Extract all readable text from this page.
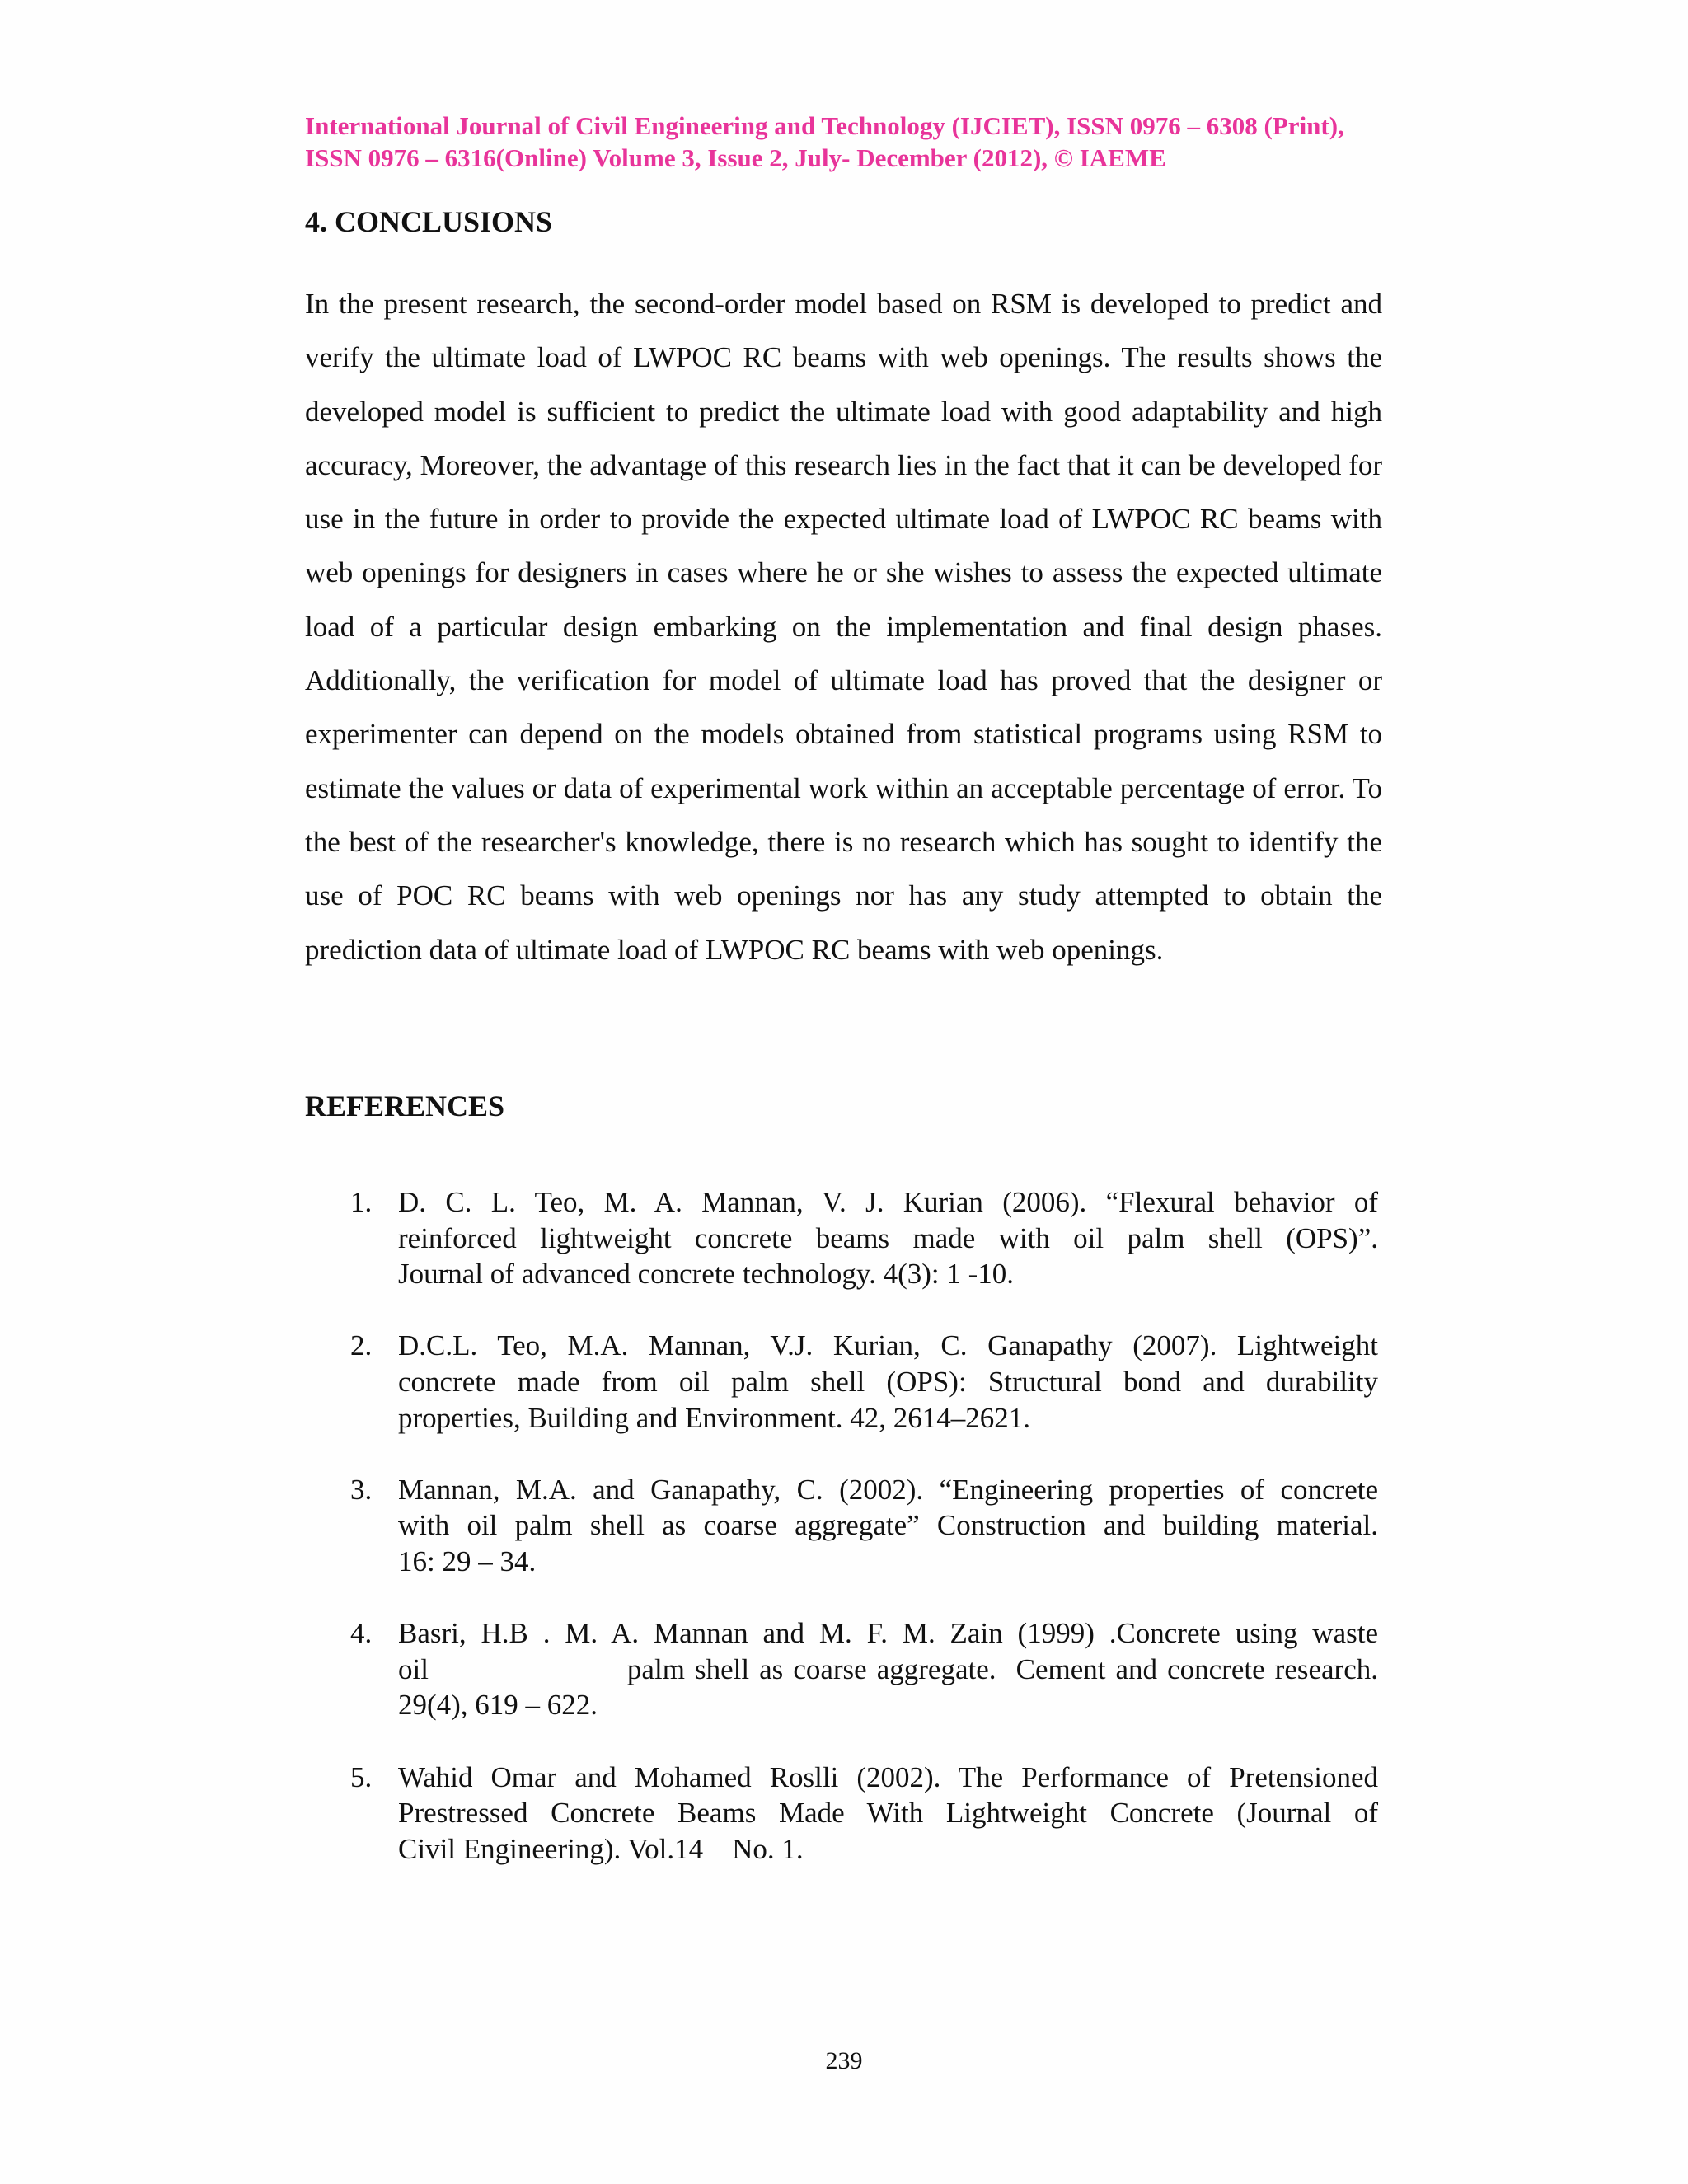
International Journal of Civil Engineering and Technology (IJCIET), ISSN 0976 – 6308 (Print),
ISSN 0976 – 6316(Online) Volume 3, Issue 2, July- December (2012), © IAEME
4. CONCLUSIONS

In the present research, the second-order model based on RSM is developed to predict and verify the ultimate load of LWPOC RC beams with web openings. The results shows the developed model is sufficient to predict the ultimate load with good adaptability and high accuracy, Moreover, the advantage of this research lies in the fact that it can be developed for use in the future in order to provide the expected ultimate load of LWPOC RC beams with web openings for designers in cases where he or she wishes to assess the expected ultimate load of a particular design embarking on the implementation and final design phases. Additionally, the verification for model of ultimate load has proved that the designer or experimenter can depend on the models obtained from statistical programs using RSM to estimate the values or data of experimental work within an acceptable percentage of error. To the best of the researcher's knowledge, there is no research which has sought to identify the use of POC RC beams with web openings nor has any study attempted to obtain the prediction data of ultimate load of LWPOC RC beams with web openings.

REFERENCES
1. D. C. L. Teo, M. A. Mannan, V. J. Kurian (2006). “Flexural behavior of
reinforced lightweight concrete beams made with oil palm shell (OPS)”.
Journal of advanced concrete technology. 4(3): 1 -10.
2. D.C.L. Teo, M.A. Mannan, V.J. Kurian, C. Ganapathy (2007). Lightweight
concrete made from oil palm shell (OPS): Structural bond and durability
properties, Building and Environment. 42, 2614–2621.
3. Mannan, M.A. and Ganapathy, C. (2002). “Engineering properties of concrete
with oil palm shell as coarse aggregate” Construction and building material.
16: 29 – 34.
4. Basri, H.B . M. A. Mannan and M. F. M. Zain (1999) .Concrete using waste
oil                    palm shell as coarse aggregate.  Cement and concrete research.
29(4), 619 – 622.
5. Wahid Omar and Mohamed Roslli (2002). The Performance of Pretensioned
Prestressed Concrete Beams Made With Lightweight Concrete (Journal of
Civil Engineering). Vol.14    No. 1.
239
